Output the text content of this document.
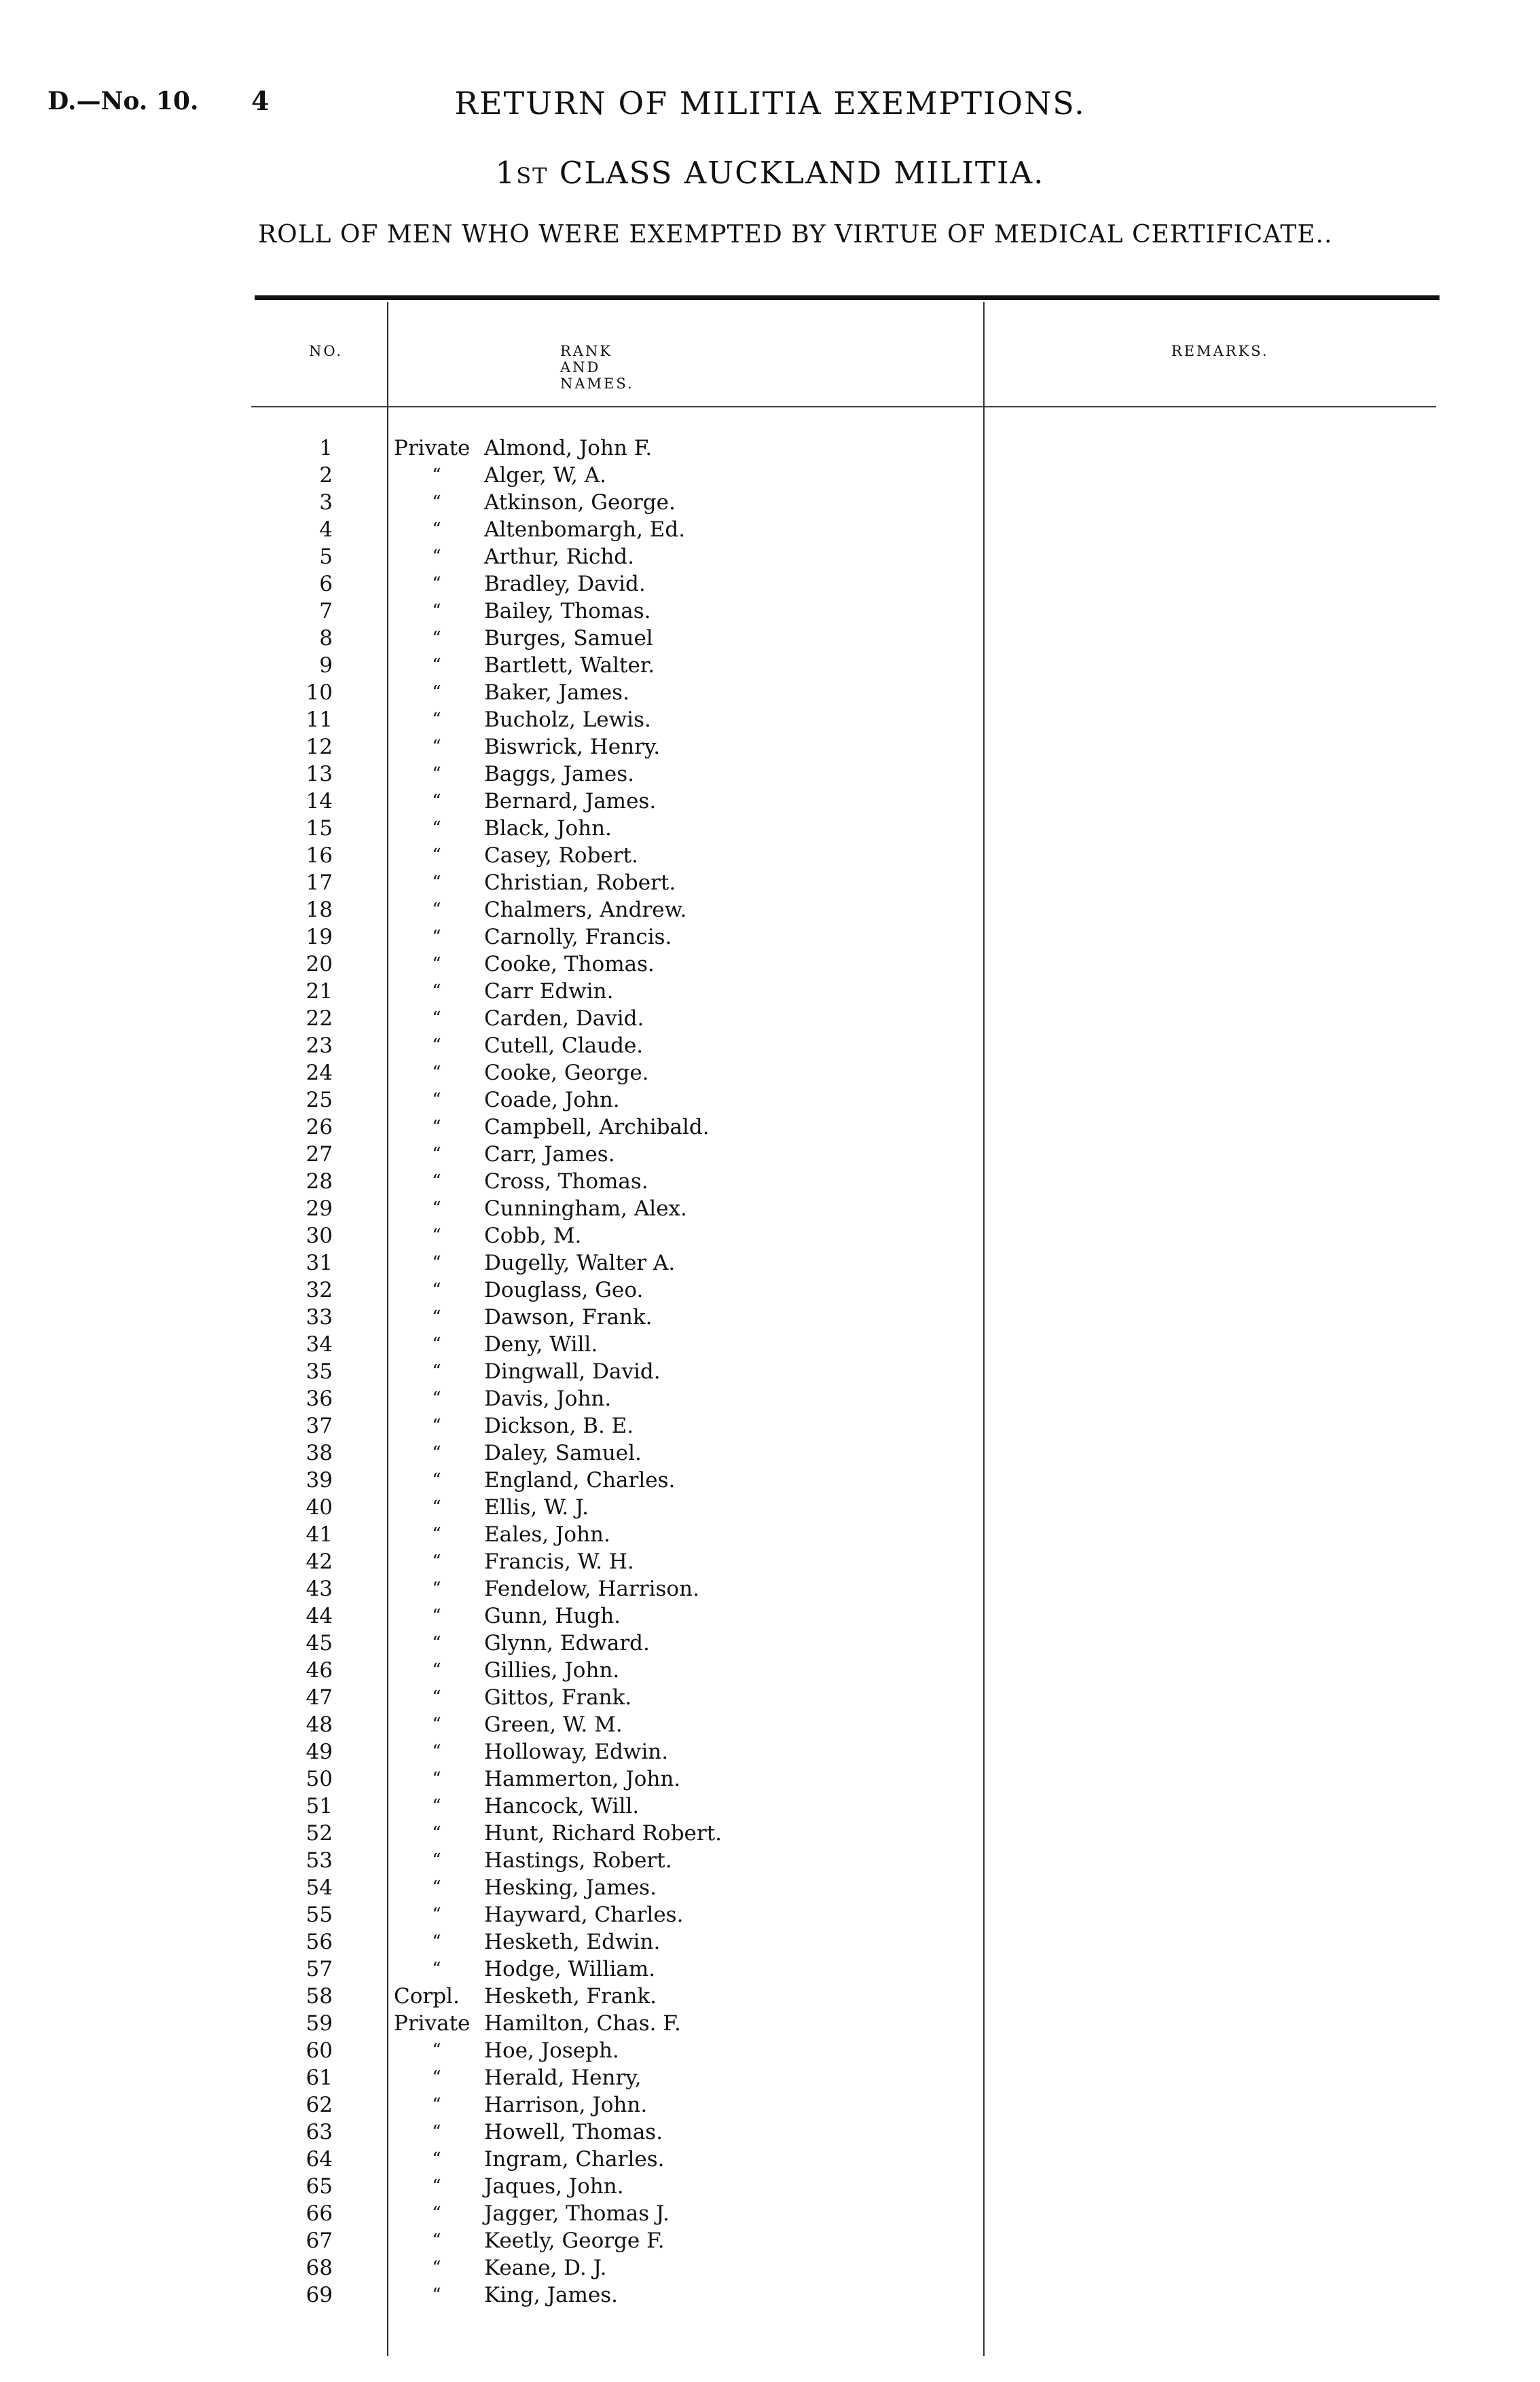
D.—No. 10. 4	RETURN OF MILITIA EXEMPTIONS.
1ST CLASS AUCKLAND MILITIA.
ROLL OF MEN WHO WERE EXEMPTED BY VIRTUE OF MEDICAL CERTIFICATE..
NO.	RANK AND NAMES.
REMARKS.
1	Private Almond, John F.
2	“ Alger, W, A.
3	“ Atkinson, George.
4	“ Altenbomargh, Ed.
5	“ Arthur, Richd.
6	“ Bradley, David.
7	“ Bailey, Thomas.
8	“ Burges, Samuel
9	“ Bartlett, Walter.
10	“ Baker, James.
11	“ Bucholz, Lewis.
12	“ Biswrick, Henry.
13	“ Baggs, James.
14	“ Bernard, James.
15	“ Black, John.
16	“ Casey, Robert.
17	“ Christian, Robert.
18	“ Chalmers, Andrew.
19	“ Carnolly, Francis.
20	“ Cooke, Thomas.
21	“ Carr Edwin.
22	“ Carden, David.
23	“ Cutell, Claude.
24	“ Cooke, George.
25	“ Coade, John.
26	“ Campbell, Archibald.
27	“ Carr, James.
28	“ Cross, Thomas.
29	“ Cunningham, Alex.
30	“ Cobb, M.
31	“ Dugelly, Walter A.
32	“ Douglass, Geo.
33	“ Dawson, Frank.
34	“ Deny, Will.
35	“ Dingwall, David.
36	“ Davis, John.
37	“ Dickson, B. E.
38	“ Daley, Samuel.
39	“ England, Charles.
40	“ Ellis, W. J.
41	“ Eales, John.
42	“ Francis, W. H.
43	“ Fendelow, Harrison.
44	“ Gunn, Hugh.
45	“ Glynn, Edward.
46	“ Gillies, John.
47	“ Gittos, Frank.
48	“ Green, W. M.
49	“ Holloway, Edwin.
50	“ Hammerton, John.
51	“ Hancock, Will.
52	“ Hunt, Richard Robert.
53	“ Hastings, Robert.
54	“ Hesking, James.
55	“ Hayward, Charles.
56	“ Hesketh, Edwin.
57	“ Hodge, William.
58	Corpl.	Hesketh, Frank.
59	Private Hamilton, Chas. F.
60	“ Hoe, Joseph.
61	“ Herald, Henry,
62	“ Harrison, John.
63	“ Howell, Thomas.
64	“ Ingram, Charles.
65	“ Jaques, John.
66	“ Jagger, Thomas J.
67	“ Keetly, George F.
68	“ Keane, D. J.
69	“ King, James.
